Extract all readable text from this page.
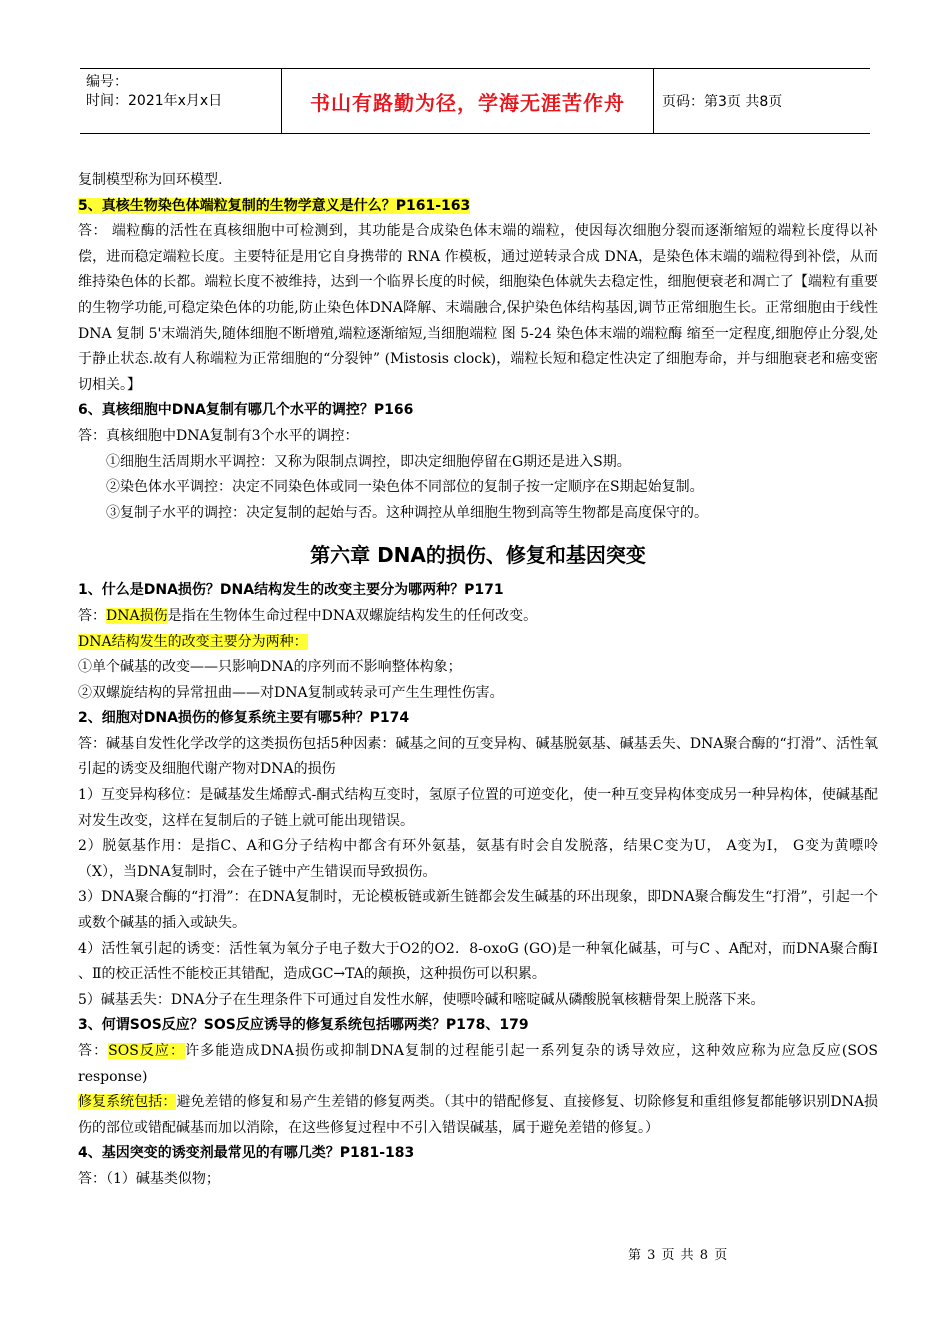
编号：
时间：2021年x月x日	书山有路勤为径，学海无涯苦作舟	页码：第3页 共8页

复制模型称为回环模型.

5、真核生物染色体端粒复制的生物学意义是什么？P161-163

答： 端粒酶的活性在真核细胞中可检测到，其功能是合成染色体末端的端粒，使因每次细胞分裂而逐渐缩短的端粒长度得以补偿，进而稳定端粒长度。主要特征是用它自身携带的 RNA 作模板，通过逆转录合成 DNA，是染色体末端的端粒得到补偿，从而维持染色体的长都。端粒长度不被维持，达到一个临界长度的时候，细胞染色体就失去稳定性，细胞便衰老和凋亡了【端粒有重要的生物学功能,可稳定染色体的功能,防止染色体DNA降解、末端融合,保护染色体结构基因,调节正常细胞生长。正常细胞由于线性 DNA 复制 5'末端消失,随体细胞不断增殖,端粒逐渐缩短,当细胞端粒 图 5-24 染色体末端的端粒酶 缩至一定程度,细胞停止分裂,处于静止状态.故有人称端粒为正常细胞的“分裂钟” (Mistosis clock)，端粒长短和稳定性决定了细胞寿命，并与细胞衰老和癌变密切相关。】

6、真核细胞中DNA复制有哪几个水平的调控？P166

答：真核细胞中DNA复制有3个水平的调控：

①细胞生活周期水平调控：又称为限制点调控，即决定细胞停留在G期还是进入S期。

②染色体水平调控：决定不同染色体或同一染色体不同部位的复制子按一定顺序在S期起始复制。

③复制子水平的调控：决定复制的起始与否。这种调控从单细胞生物到高等生物都是高度保守的。

第六章 DNA的损伤、修复和基因突变

1、什么是DNA损伤？DNA结构发生的改变主要分为哪两种？P171

答：DNA损伤是指在生物体生命过程中DNA双螺旋结构发生的任何改变。

DNA结构发生的改变主要分为两种：

①单个碱基的改变——只影响DNA的序列而不影响整体构象；

②双螺旋结构的异常扭曲——对DNA复制或转录可产生生理性伤害。

2、细胞对DNA损伤的修复系统主要有哪5种？P174

答：碱基自发性化学改学的这类损伤包括5种因素：碱基之间的互变异构、碱基脱氨基、碱基丢失、DNA聚合酶的“打滑”、活性氧引起的诱变及细胞代谢产物对DNA的损伤

1）互变异构移位：是碱基发生烯醇式-酮式结构互变时，氢原子位置的可逆变化，使一种互变异构体变成另一种异构体，使碱基配对发生改变，这样在复制后的子链上就可能出现错误。

2）脱氨基作用：是指C、A和G分子结构中都含有环外氨基，氨基有时会自发脱落，结果C变为U， A变为I， G变为黄嘌呤（X），当DNA复制时，会在子链中产生错误而导致损伤。

3）DNA聚合酶的“打滑”：在DNA复制时，无论模板链或新生链都会发生碱基的环出现象，即DNA聚合酶发生“打滑”，引起一个或数个碱基的插入或缺失。

4）活性氧引起的诱变：活性氧为氧分子电子数大于O2的O2．8-oxoG (GO)是一种氧化碱基，可与C 、A配对，而DNA聚合酶Ⅰ 、Ⅱ的校正活性不能校正其错配，造成GC→TA的颠换，这种损伤可以积累。

5）碱基丢失：DNA分子在生理条件下可通过自发性水解，使嘌呤碱和嘧啶碱从磷酸脱氧核糖骨架上脱落下来。

3、何谓SOS反应？SOS反应诱导的修复系统包括哪两类？P178、179

答：SOS反应：许多能造成DNA损伤或抑制DNA复制的过程能引起一系列复杂的诱导效应，这种效应称为应急反应(SOS response)

修复系统包括：避免差错的修复和易产生差错的修复两类。（其中的错配修复、直接修复、切除修复和重组修复都能够识别DNA损伤的部位或错配碱基而加以消除，在这些修复过程中不引入错误碱基，属于避免差错的修复。）

4、基因突变的诱变剂最常见的有哪几类？P181-183

答：（1）碱基类似物；

第 3 页 共 8 页
